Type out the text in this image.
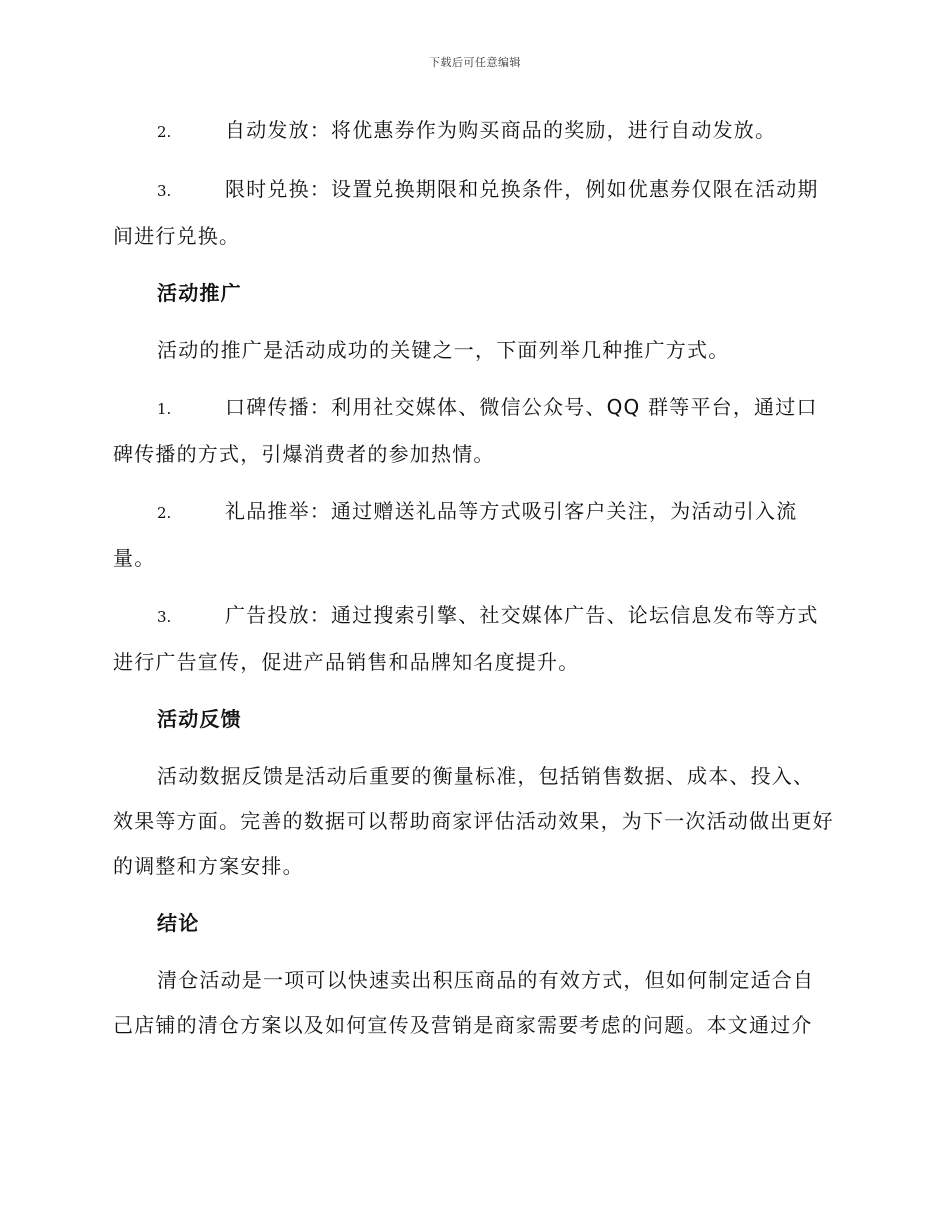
下载后可任意编辑
2.	自动发放：将优惠券作为购买商品的奖励，进行自动发放。
3.	限时兑换：设置兑换期限和兑换条件，例如优惠券仅限在活动期间进行兑换。
活动推广
活动的推广是活动成功的关键之一，下面列举几种推广方式。
1.	口碑传播：利用社交媒体、微信公众号、QQ 群等平台，通过口碑传播的方式，引爆消费者的参加热情。
2.	礼品推举：通过赠送礼品等方式吸引客户关注，为活动引入流量。
3.	广告投放：通过搜索引擎、社交媒体广告、论坛信息发布等方式进行广告宣传，促进产品销售和品牌知名度提升。
活动反馈
活动数据反馈是活动后重要的衡量标准，包括销售数据、成本、投入、效果等方面。完善的数据可以帮助商家评估活动效果，为下一次活动做出更好的调整和方案安排。
结论
清仓活动是一项可以快速卖出积压商品的有效方式，但如何制定适合自己店铺的清仓方案以及如何宣传及营销是商家需要考虑的问题。本文通过介
